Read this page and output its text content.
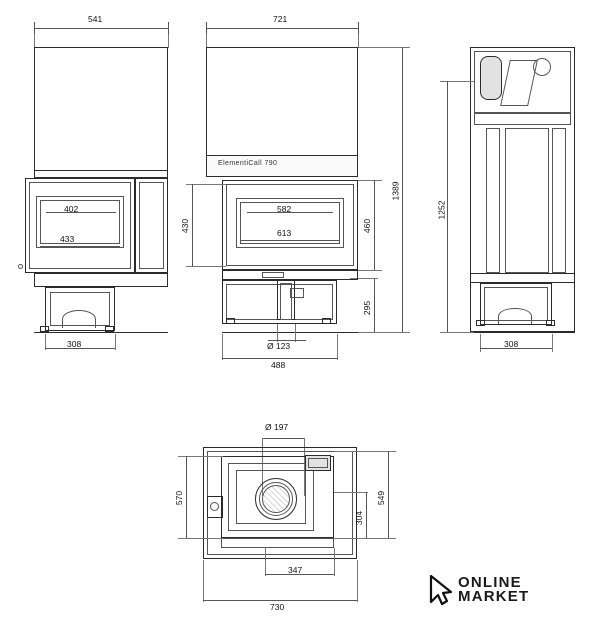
541
402
433
308
721
ElementiCall 790
582
613
430	460
1389
295
Ø 123
488
1252
308
Ø 197
570	549
304
347
730
ONLINE
MARKET
